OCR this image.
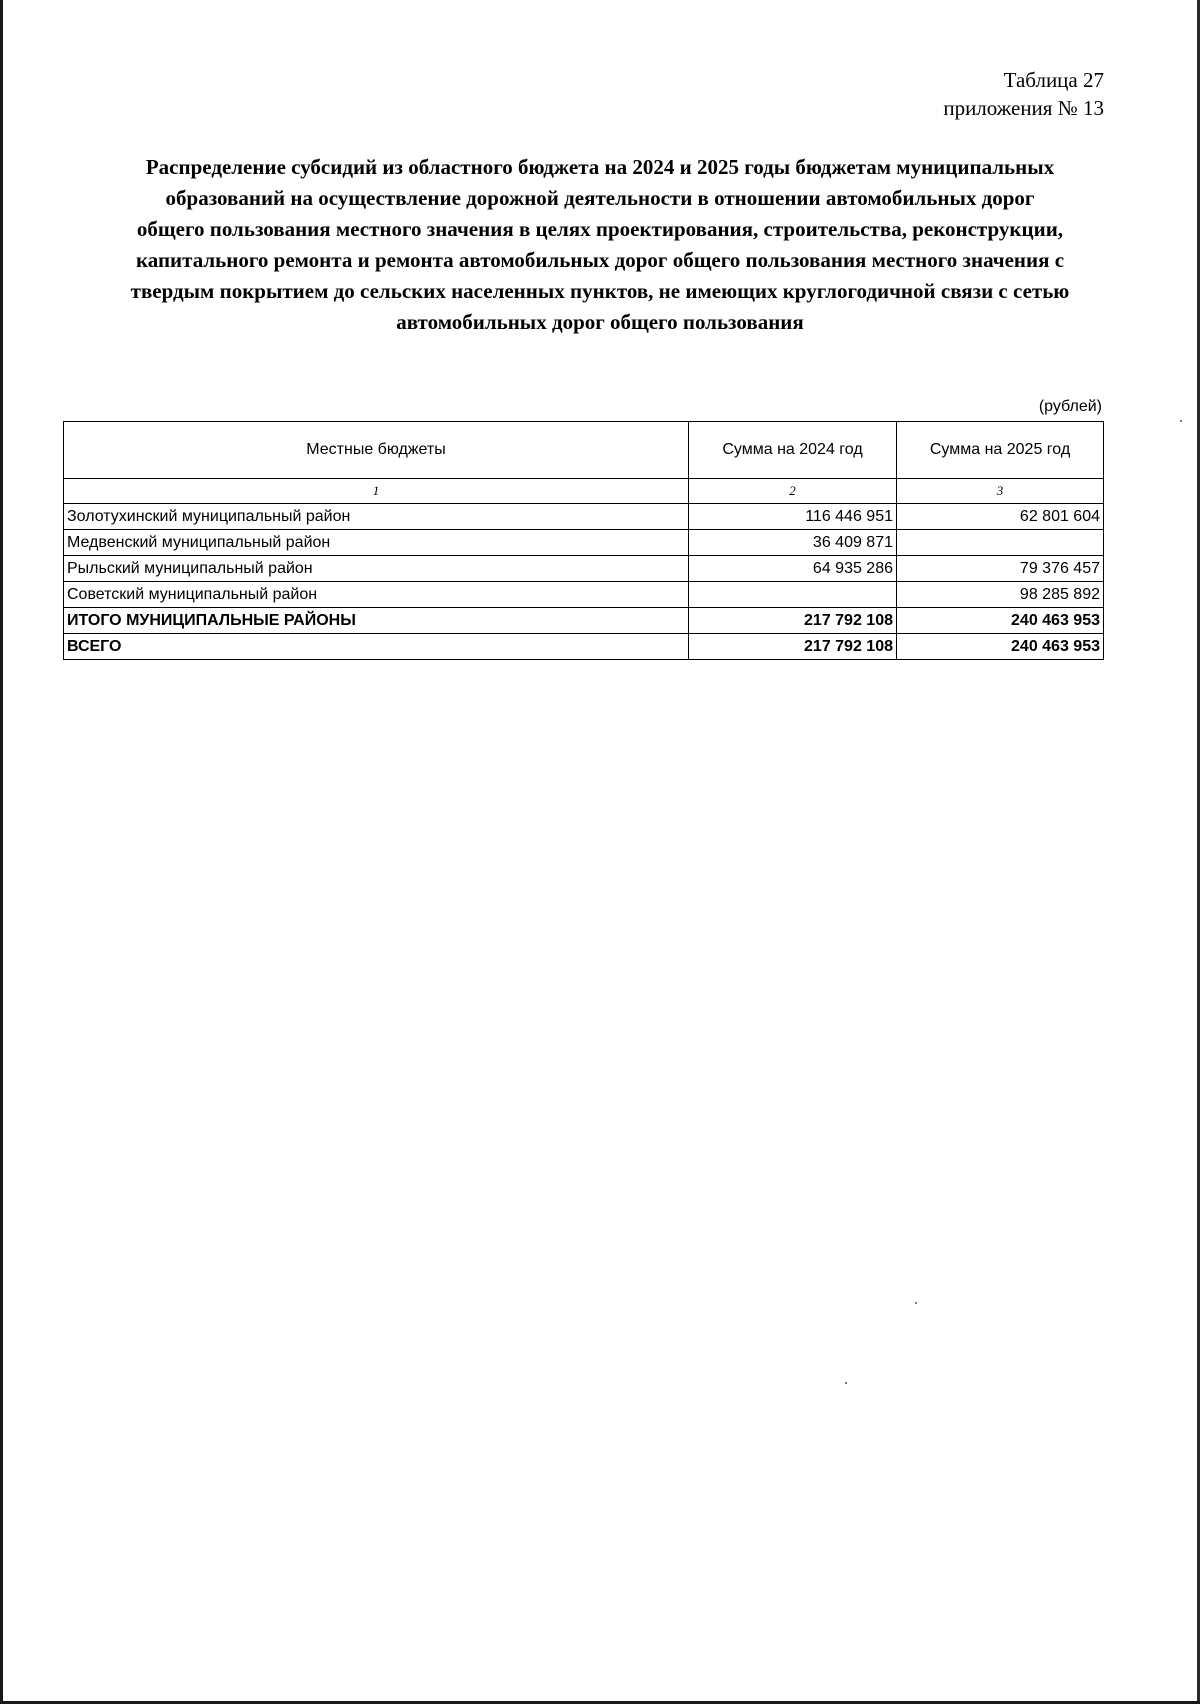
Таблица 27
приложения № 13
Распределение субсидий из областного бюджета на 2024 и 2025 годы бюджетам муниципальных
образований на осуществление дорожной деятельности в отношении автомобильных дорог
общего пользования местного значения в целях проектирования, строительства, реконструкции,
капитального ремонта и ремонта автомобильных дорог общего пользования местного значения с
твердым покрытием до сельских населенных пунктов, не имеющих круглогодичной связи с сетью
автомобильных дорог общего пользования
(рублей)
Местные бюджеты	Сумма на 2024 год	Сумма на 2025 год
1	2	3
Золотухинский муниципальный район	116 446 951	62 801 604
Медвенский муниципальный район	36 409 871	
Рыльский муниципальный район	64 935 286	79 376 457
Советский муниципальный район		98 285 892
ИТОГО МУНИЦИПАЛЬНЫЕ РАЙОНЫ	217 792 108	240 463 953
ВСЕГО	217 792 108	240 463 953
